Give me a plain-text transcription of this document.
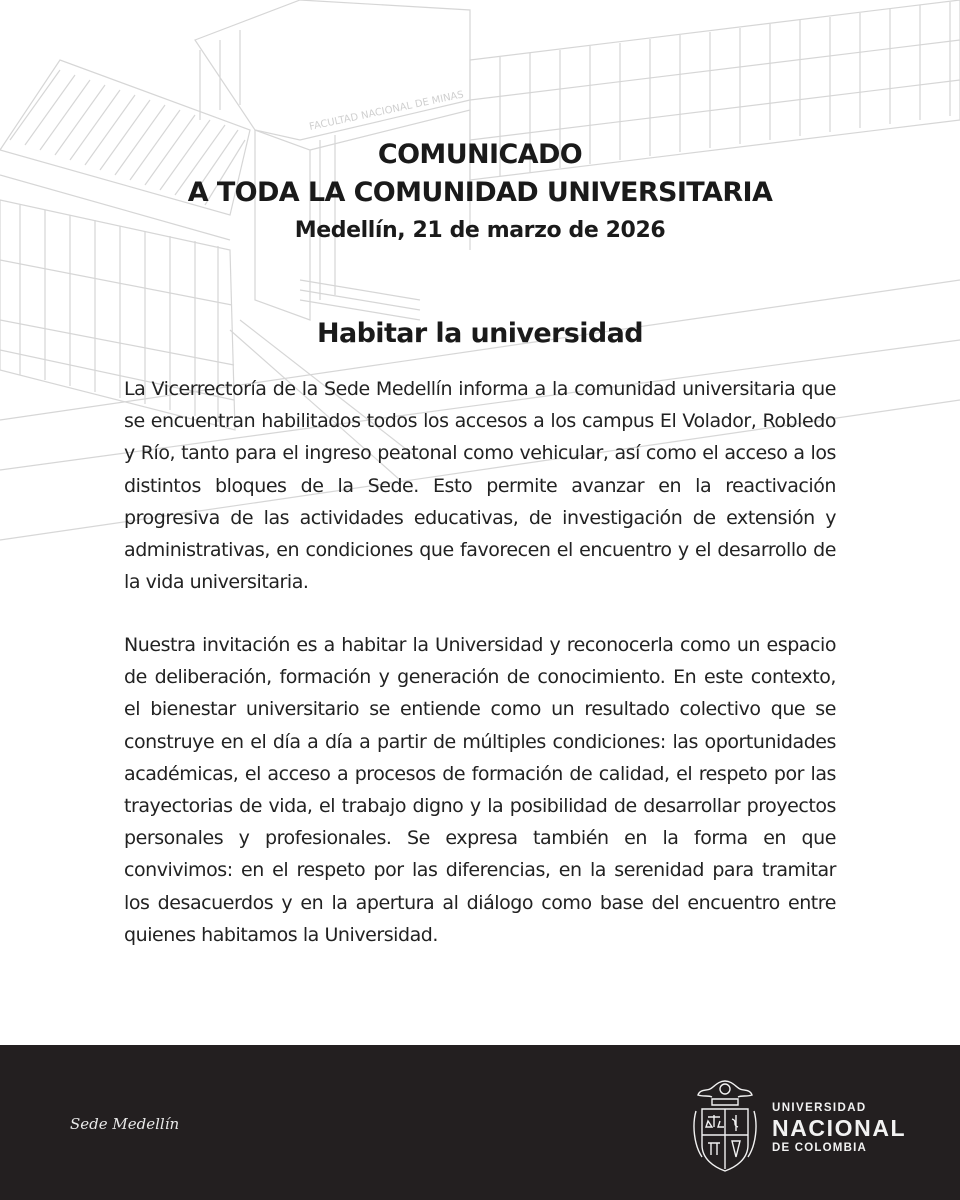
FACULTAD NACIONAL DE MINAS
COMUNICADO
A TODA LA COMUNIDAD UNIVERSITARIA

Medellín, 21 de marzo de 2026

Habitar la universidad

La Vicerrectoría de la Sede Medellín informa a la comunidad universitaria que se encuentran habilitados todos los accesos a los campus El Volador, Robledo y Río, tanto para el ingreso peatonal como vehicular, así como el acceso a los distintos bloques de la Sede. Esto permite avanzar en la reactivación progresiva de las actividades educativas, de investigación de extensión y administrativas, en condiciones que favorecen el encuentro y el desarrollo de la vida universitaria.

Nuestra invitación es a habitar la Universidad y reconocerla como un espacio de deliberación, formación y generación de conocimiento. En este contexto, el bienestar universitario se entiende como un resultado colectivo que se construye en el día a día a partir de múltiples condiciones: las oportunidades académicas, el acceso a procesos de formación de calidad, el respeto por las trayectorias de vida, el trabajo digno y la posibilidad de desarrollar proyectos personales y profesionales. Se expresa también en la forma en que convivimos: en el respeto por las diferencias, en la serenidad para tramitar los desacuerdos y en la apertura al diálogo como base del encuentro entre quienes habitamos la Universidad.

Sede Medellín
UNIVERSIDAD
NACIONAL
DE COLOMBIA
